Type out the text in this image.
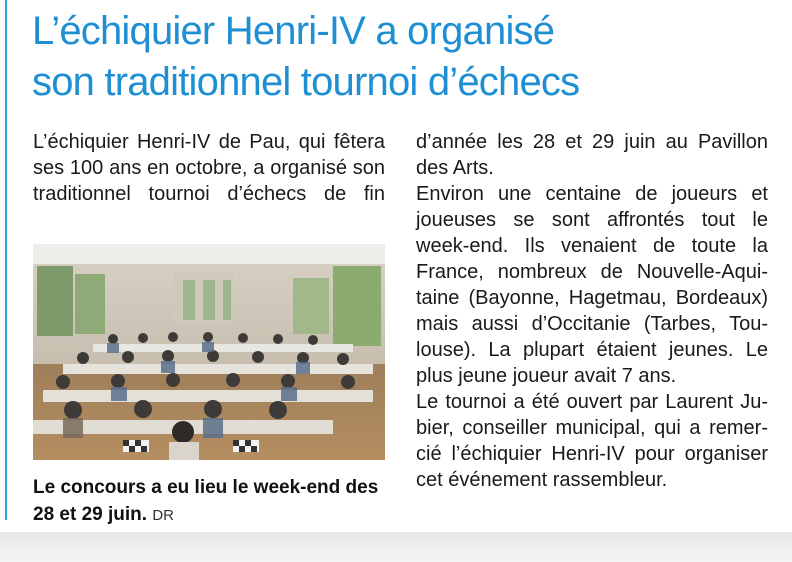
L’échiquier Henri-IV a organisé
son traditionnel tournoi d’échecs
L’échiquier Henri-IV de Pau, qui fêtera
ses 100 ans en octobre, a organisé son
traditionnel tournoi d’échecs de fin
Le concours a eu lieu le week-end des
28 et 29 juin. DR
d’année les 28 et 29 juin au Pavillon
des Arts.
Environ une centaine de joueurs et
joueuses se sont affrontés tout le
week-end. Ils venaient de toute la
France, nombreux de Nouvelle-Aqui-
taine (Bayonne, Hagetmau, Bordeaux)
mais aussi d’Occitanie (Tarbes, Tou-
louse). La plupart étaient jeunes. Le
plus jeune joueur avait 7 ans.
Le tournoi a été ouvert par Laurent Ju-
bier, conseiller municipal, qui a remer-
cié l’échiquier Henri-IV pour organiser
cet événement rassembleur.
